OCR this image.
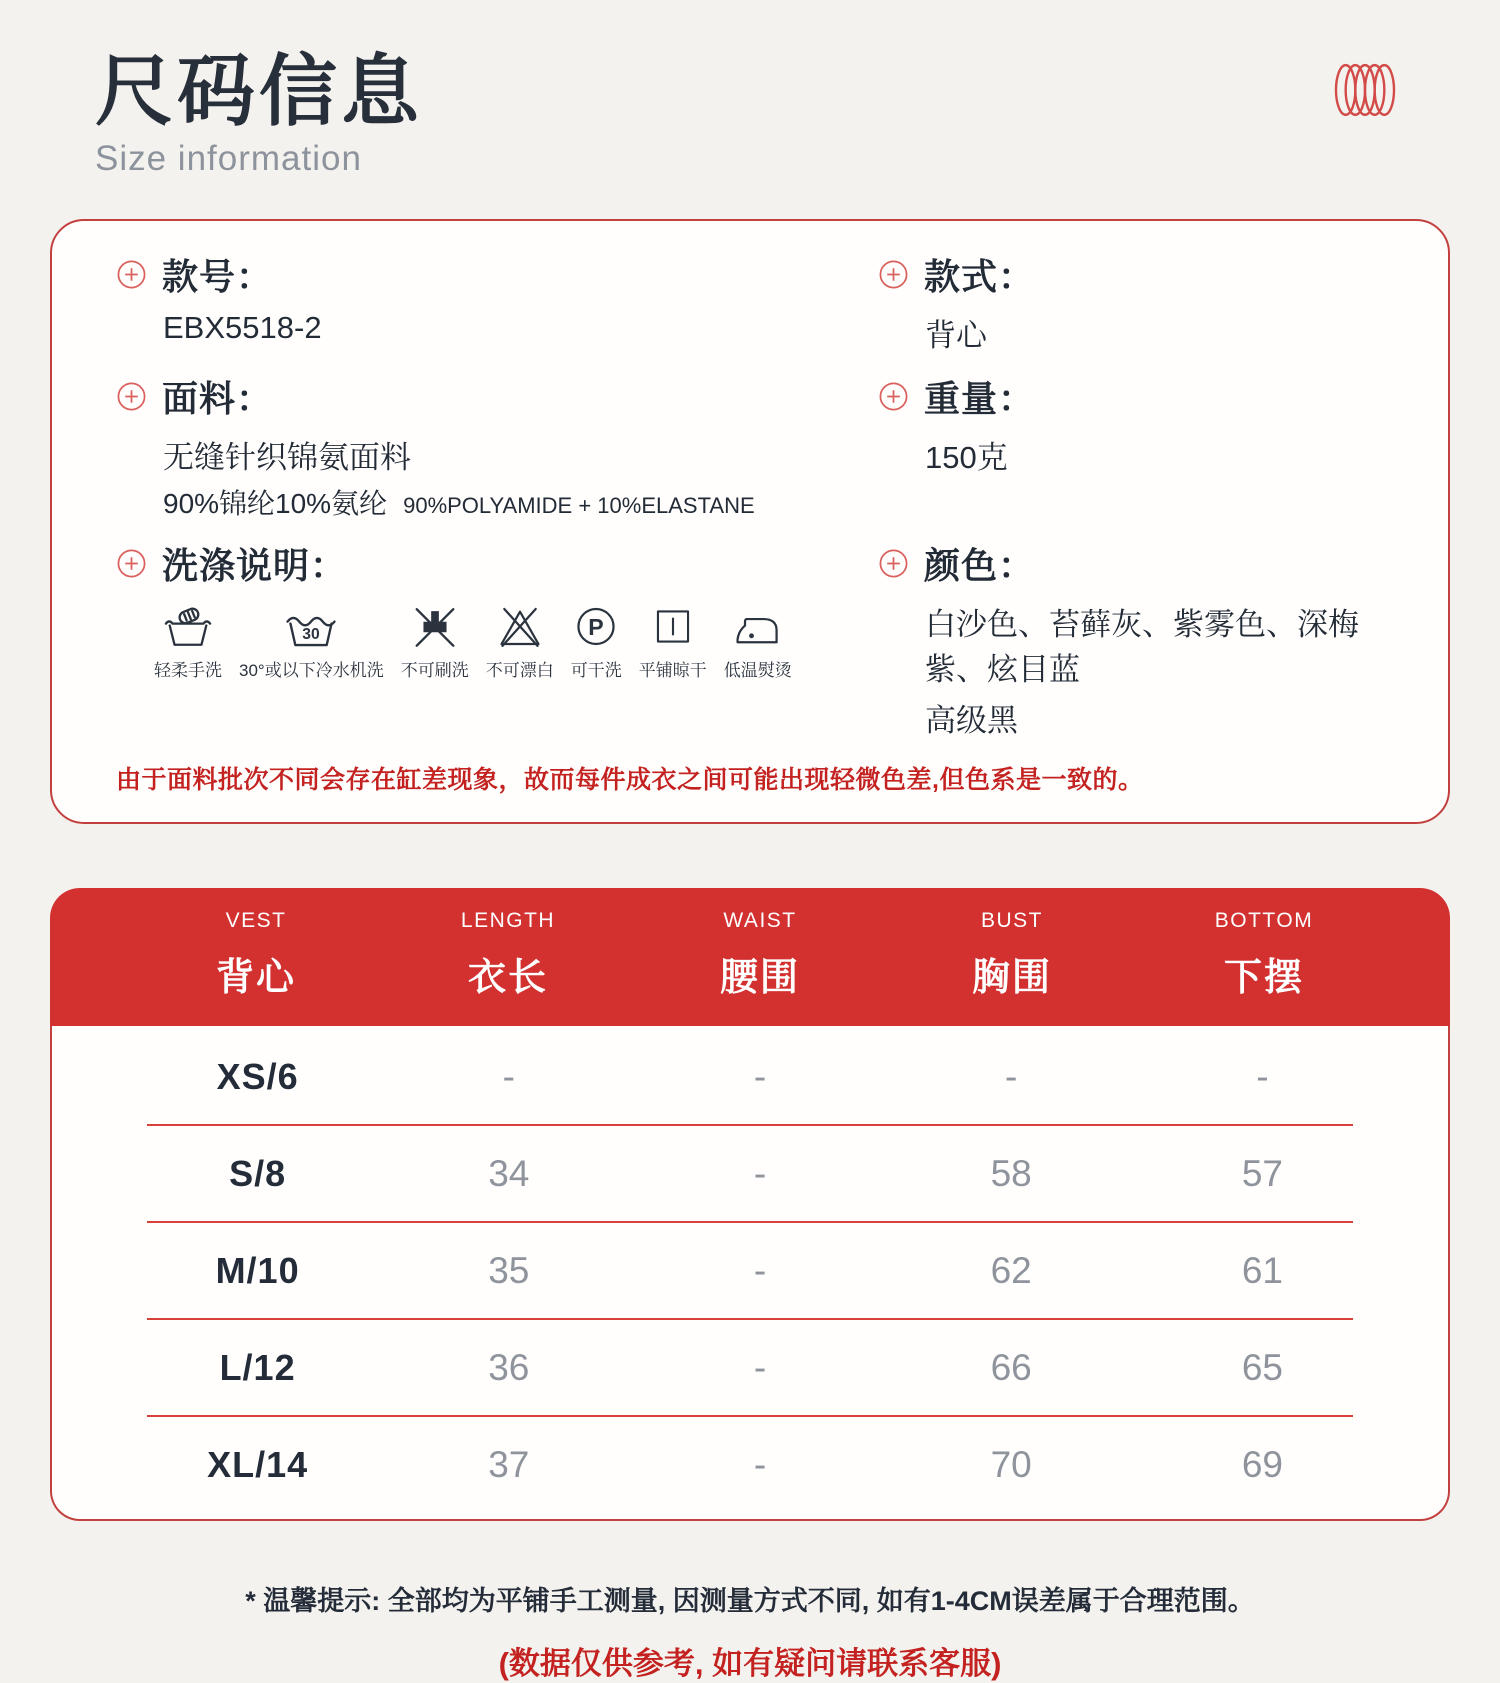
尺码信息
Size information
款号：
EBX5518-2
款式：
背心
面料：
无缝针织锦氨面料
90%锦纶10%氨纶 90%POLYAMIDE + 10%ELASTANE
重量：
150克
洗涤说明：
轻柔手洗
30
30°或以下冷水机洗 不可刷洗 不可漂白
P
可干洗 平铺晾干 低温熨烫
颜色：
白沙色、苔藓灰、紫雾色、深梅紫、炫目蓝
高级黑
由于面料批次不同会存在缸差现象，故而每件成衣之间可能出现轻微色差,但色系是一致的。
VEST
背心
LENGTH
衣长
WAIST
腰围
BUST
胸围
BOTTOM
下摆
XS/6	-	-	-	-
S/8	34	-	58	57
M/10	35	-	62	61
L/12	36	-	66	65
XL/14	37	-	70	69
* 温馨提示: 全部均为平铺手工测量, 因测量方式不同, 如有1-4CM误差属于合理范围。
(数据仅供参考, 如有疑问请联系客服)
